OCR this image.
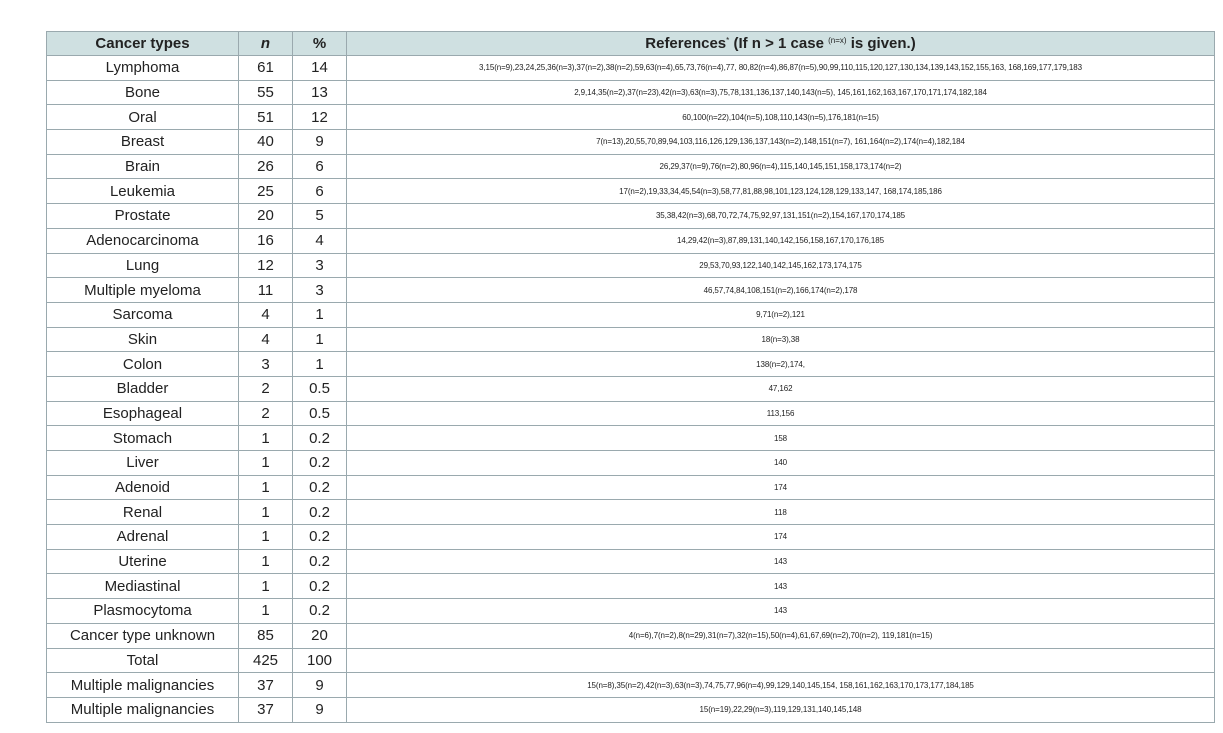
Cancer types	n	%	References* (If n > 1 case $^{(n=x)}$ is given.)
Lymphoma	61	14	3,15(n=9),23,24,25,36(n=3),37(n=2),38(n=2),59,63(n=4),65,73,76(n=4),77, 80,82(n=4),86,87(n=5),90,99,110,115,120,127,130,134,139,143,152,155,163, 168,169,177,179,183
Bone	55	13	2,9,14,35(n=2),37(n=23),42(n=3),63(n=3),75,78,131,136,137,140,143(n=5), 145,161,162,163,167,170,171,174,182,184
Oral	51	12	60,100(n=22),104(n=5),108,110,143(n=5),176,181(n=15)
Breast	40	9	7(n=13),20,55,70,89,94,103,116,126,129,136,137,143(n=2),148,151(n=7), 161,164(n=2),174(n=4),182,184
Brain	26	6	26,29,37(n=9),76(n=2),80,96(n=4),115,140,145,151,158,173,174(n=2)
Leukemia	25	6	17(n=2),19,33,34,45,54(n=3),58,77,81,88,98,101,123,124,128,129,133,147, 168,174,185,186
Prostate	20	5	35,38,42(n=3),68,70,72,74,75,92,97,131,151(n=2),154,167,170,174,185
Adenocarcinoma	16	4	14,29,42(n=3),87,89,131,140,142,156,158,167,170,176,185
Lung	12	3	29,53,70,93,122,140,142,145,162,173,174,175
Multiple myeloma	11	3	46,57,74,84,108,151(n=2),166,174(n=2),178
Sarcoma	4	1	9,71(n=2),121
Skin	4	1	18(n=3),38
Colon	3	1	138(n=2),174,
Bladder	2	0.5	47,162
Esophageal	2	0.5	113,156
Stomach	1	0.2	158
Liver	1	0.2	140
Adenoid	1	0.2	174
Renal	1	0.2	118
Adrenal	1	0.2	174
Uterine	1	0.2	143
Mediastinal	1	0.2	143
Plasmocytoma	1	0.2	143
Cancer type unknown	85	20	4(n=6),7(n=2),8(n=29),31(n=7),32(n=15),50(n=4),61,67,69(n=2),70(n=2), 119,181(n=15)
Total	425	100	
Multiple malignancies	37	9	15(n=8),35(n=2),42(n=3),63(n=3),74,75,77,96(n=4),99,129,140,145,154, 158,161,162,163,170,173,177,184,185
Multiple malignancies	37	9	15(n=19),22,29(n=3),119,129,131,140,145,148
